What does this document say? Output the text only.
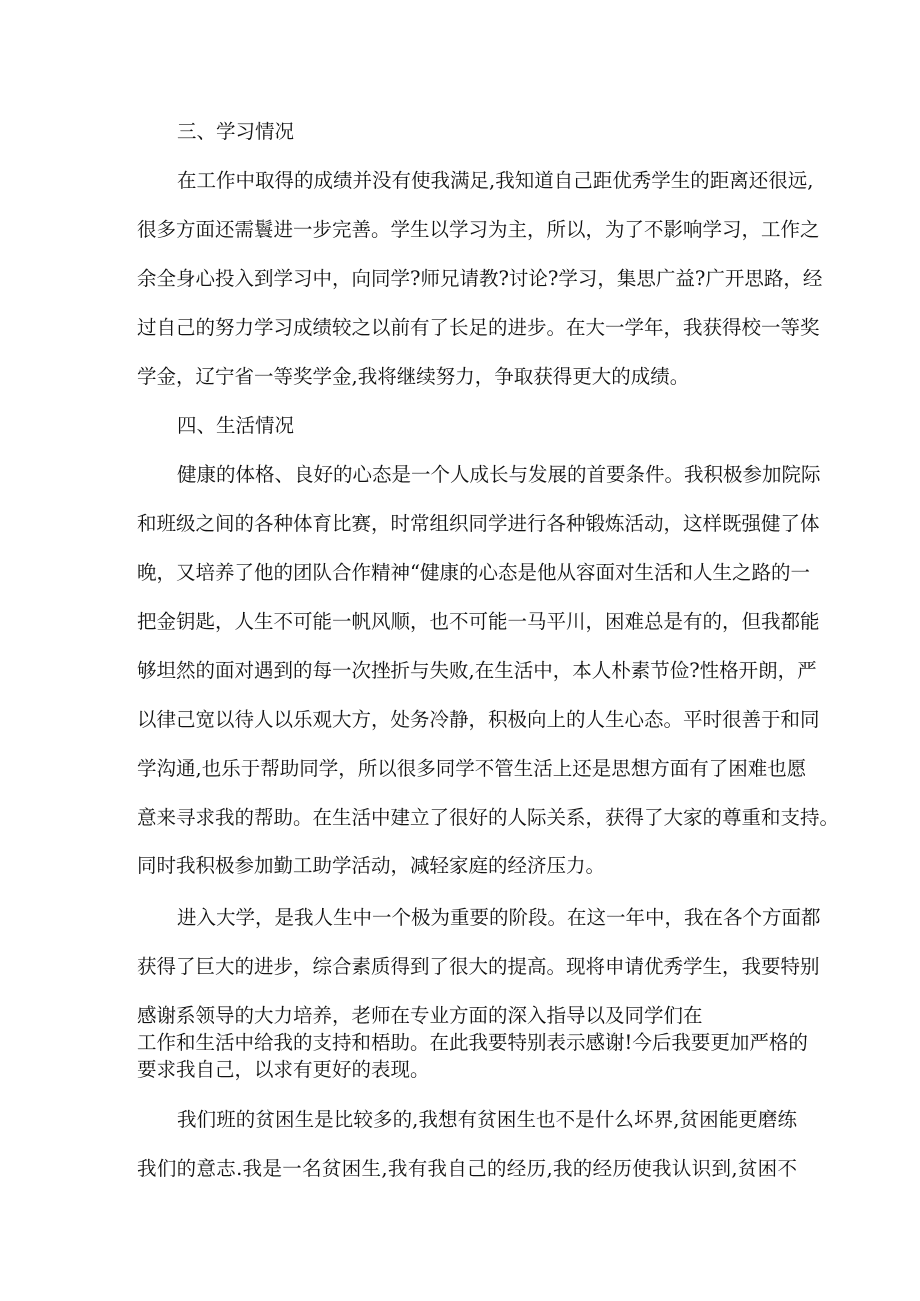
三、学习情况
在工作中取得的成绩并没有使我满足,我知道自己距优秀学生的距离还很远,
很多方面还需鬟进一步完善。学生以学习为主，所以，为了不影响学习，工作之
余全身心投入到学习中，向同学?师兄请教?讨论?学习，集思广益?广开思路，经
过自己的努力学习成绩较之以前有了长足的进步。在大一学年，我获得校一等奖
学金，辽宁省一等奖学金,我将继续努力，争取获得更大的成绩。
四、生活情况
健康的体格、良好的心态是一个人成长与发展的首要条件。我积极参加院际
和班级之间的各种体育比赛，时常组织同学进行各种锻炼活动，这样既强健了体
晚，又培养了他的团队合作精神“健康的心态是他从容面对生活和人生之路的一
把金钥匙，人生不可能一帆风顺，也不可能一马平川，困难总是有的，但我都能
够坦然的面对遇到的每一次挫折与失败,在生活中，本人朴素节俭?性格开朗，严
以律己宽以待人以乐观大方，处务冷静，积极向上的人生心态。平时很善于和同
学沟通,也乐于帮助同学，所以很多同学不管生活上还是思想方面有了困难也愿
意来寻求我的帮助。在生活中建立了很好的人际关系，获得了大家的尊重和支持。
同时我积极参加勤工助学活动，减轻家庭的经济压力。
进入大学，是我人生中一个极为重要的阶段。在这一年中，我在各个方面都
获得了巨大的进步，综合素质得到了很大的提高。现将申请优秀学生，我要特别
感谢系领导的大力培养，老师在专业方面的深入指导以及同学们在
工作和生活中给我的支持和梧助。在此我要特别表示感谢!今后我要更加严格的
要求我自己，以求有更好的表现。
我们班的贫困生是比较多的,我想有贫困生也不是什么坏界,贫困能更磨练
我们的意志.我是一名贫困生,我有我自己的经历,我的经历使我认识到,贫困不
